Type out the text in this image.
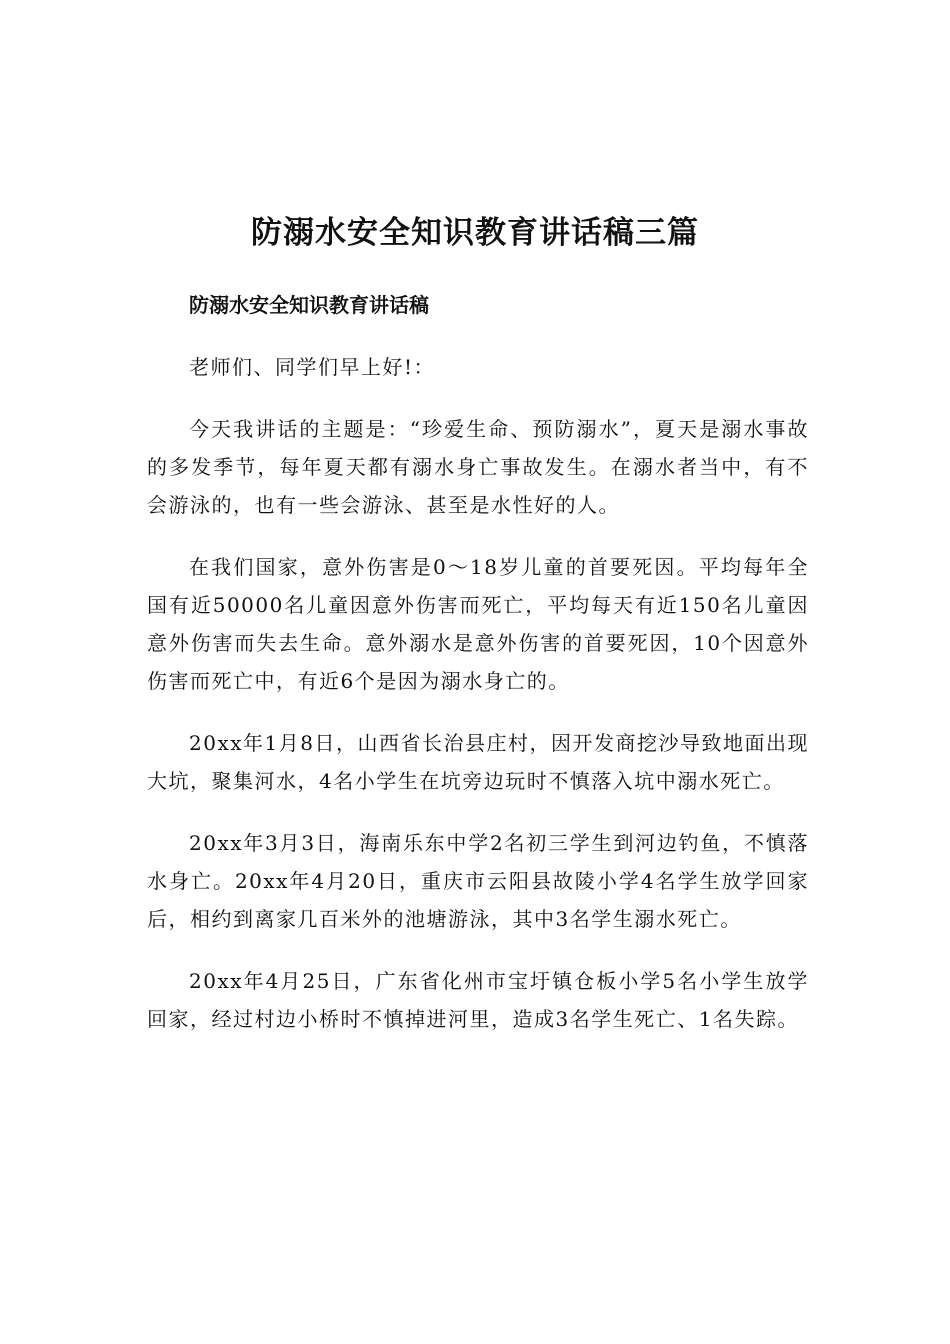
防溺水安全知识教育讲话稿三篇

防溺水安全知识教育讲话稿

老师们、同学们早上好!：

今天我讲话的主题是：“珍爱生命、预防溺水”，夏天是溺水事故的多发季节，每年夏天都有溺水身亡事故发生。在溺水者当中，有不会游泳的，也有一些会游泳、甚至是水性好的人。

在我们国家，意外伤害是0～18岁儿童的首要死因。平均每年全国有近50000名儿童因意外伤害而死亡，平均每天有近150名儿童因意外伤害而失去生命。意外溺水是意外伤害的首要死因，10个因意外伤害而死亡中，有近6个是因为溺水身亡的。

20xx年1月8日，山西省长治县庄村，因开发商挖沙导致地面出现大坑，聚集河水，4名小学生在坑旁边玩时不慎落入坑中溺水死亡。

20xx年3月3日，海南乐东中学2名初三学生到河边钓鱼，不慎落水身亡。20xx年4月20日，重庆市云阳县故陵小学4名学生放学回家后，相约到离家几百米外的池塘游泳，其中3名学生溺水死亡。

20xx年4月25日，广东省化州市宝圩镇仓板小学5名小学生放学回家，经过村边小桥时不慎掉进河里，造成3名学生死亡、1名失踪。
